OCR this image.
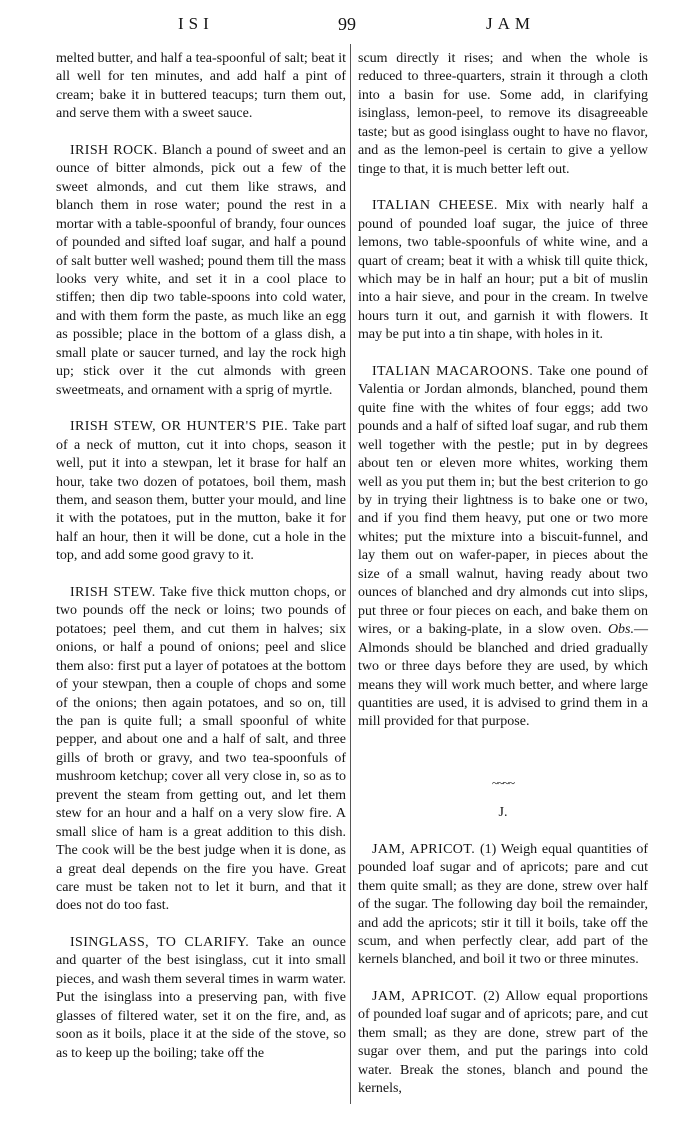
ISI	99	JAM

melted butter, and half a tea-spoonful of salt; beat it all well for ten minutes, and add half a pint of cream; bake it in buttered teacups; turn them out, and serve them with a sweet sauce.

IRISH ROCK. Blanch a pound of sweet and an ounce of bitter almonds, pick out a few of the sweet almonds, and cut them like straws, and blanch them in rose water; pound the rest in a mortar with a table-spoonful of brandy, four ounces of pounded and sifted loaf sugar, and half a pound of salt butter well washed; pound them till the mass looks very white, and set it in a cool place to stiffen; then dip two table-spoons into cold water, and with them form the paste, as much like an egg as possible; place in the bottom of a glass dish, a small plate or saucer turned, and lay the rock high up; stick over it the cut almonds with green sweetmeats, and ornament with a sprig of myrtle.

IRISH STEW, OR HUNTER'S PIE. Take part of a neck of mutton, cut it into chops, season it well, put it into a stewpan, let it brase for half an hour, take two dozen of potatoes, boil them, mash them, and season them, butter your mould, and line it with the potatoes, put in the mutton, bake it for half an hour, then it will be done, cut a hole in the top, and add some good gravy to it.

IRISH STEW. Take five thick mutton chops, or two pounds off the neck or loins; two pounds of potatoes; peel them, and cut them in halves; six onions, or half a pound of onions; peel and slice them also: first put a layer of potatoes at the bottom of your stewpan, then a couple of chops and some of the onions; then again potatoes, and so on, till the pan is quite full; a small spoonful of white pepper, and about one and a half of salt, and three gills of broth or gravy, and two tea-spoonfuls of mushroom ketchup; cover all very close in, so as to prevent the steam from getting out, and let them stew for an hour and a half on a very slow fire. A small slice of ham is a great addition to this dish. The cook will be the best judge when it is done, as a great deal depends on the fire you have. Great care must be taken not to let it burn, and that it does not do too fast.

ISINGLASS, TO CLARIFY. Take an ounce and quarter of the best isinglass, cut it into small pieces, and wash them several times in warm water. Put the isinglass into a preserving pan, with five glasses of filtered water, set it on the fire, and, as soon as it boils, place it at the side of the stove, so as to keep up the boiling; take off the

scum directly it rises; and when the whole is reduced to three-quarters, strain it through a cloth into a basin for use. Some add, in clarifying isinglass, lemon-peel, to remove its disagreeable taste; but as good isinglass ought to have no flavor, and as the lemon-peel is certain to give a yellow tinge to that, it is much better left out.

ITALIAN CHEESE. Mix with nearly half a pound of pounded loaf sugar, the juice of three lemons, two table-spoonfuls of white wine, and a quart of cream; beat it with a whisk till quite thick, which may be in half an hour; put a bit of muslin into a hair sieve, and pour in the cream. In twelve hours turn it out, and garnish it with flowers. It may be put into a tin shape, with holes in it.

ITALIAN MACAROONS. Take one pound of Valentia or Jordan almonds, blanched, pound them quite fine with the whites of four eggs; add two pounds and a half of sifted loaf sugar, and rub them well together with the pestle; put in by degrees about ten or eleven more whites, working them well as you put them in; but the best criterion to go by in trying their lightness is to bake one or two, and if you find them heavy, put one or two more whites; put the mixture into a biscuit-funnel, and lay them out on wafer-paper, in pieces about the size of a small walnut, having ready about two ounces of blanched and dry almonds cut into slips, put three or four pieces on each, and bake them on wires, or a baking-plate, in a slow oven. Obs.—Almonds should be blanched and dried gradually two or three days before they are used, by which means they will work much better, and where large quantities are used, it is advised to grind them in a mill provided for that purpose.

~~~~
J.

JAM, APRICOT. (1) Weigh equal quantities of pounded loaf sugar and of apricots; pare and cut them quite small; as they are done, strew over half of the sugar. The following day boil the remainder, and add the apricots; stir it till it boils, take off the scum, and when perfectly clear, add part of the kernels blanched, and boil it two or three minutes.

JAM, APRICOT. (2) Allow equal proportions of pounded loaf sugar and of apricots; pare, and cut them small; as they are done, strew part of the sugar over them, and put the parings into cold water. Break the stones, blanch and pound the kernels,
